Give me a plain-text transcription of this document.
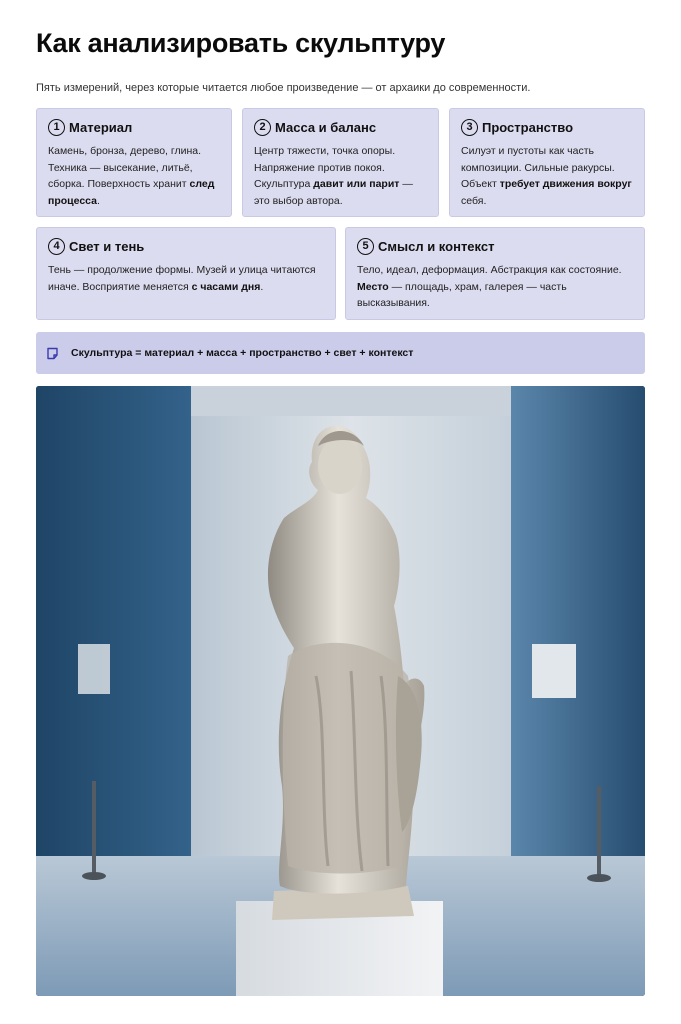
Как анализировать скульптуру
Пять измерений, через которые читается любое произведение — от архаики до современности.
1 Материал
Камень, бронза, дерево, глина. Техника — высекание, литьё, сборка. Поверхность хранит след процесса.
2 Масса и баланс
Центр тяжести, точка опоры. Напряжение против покоя. Скульптура давит или парит — это выбор автора.
3 Пространство
Силуэт и пустоты как часть композиции. Сильные ракурсы. Объект требует движения вокруг себя.
4 Свет и тень
Тень — продолжение формы. Музей и улица читаются иначе. Восприятие меняется с часами дня.
5 Смысл и контекст
Тело, идеал, деформация. Абстракция как состояние. Место — площадь, храм, галерея — часть высказывания.
Скульптура = материал + масса + пространство + свет + контекст
